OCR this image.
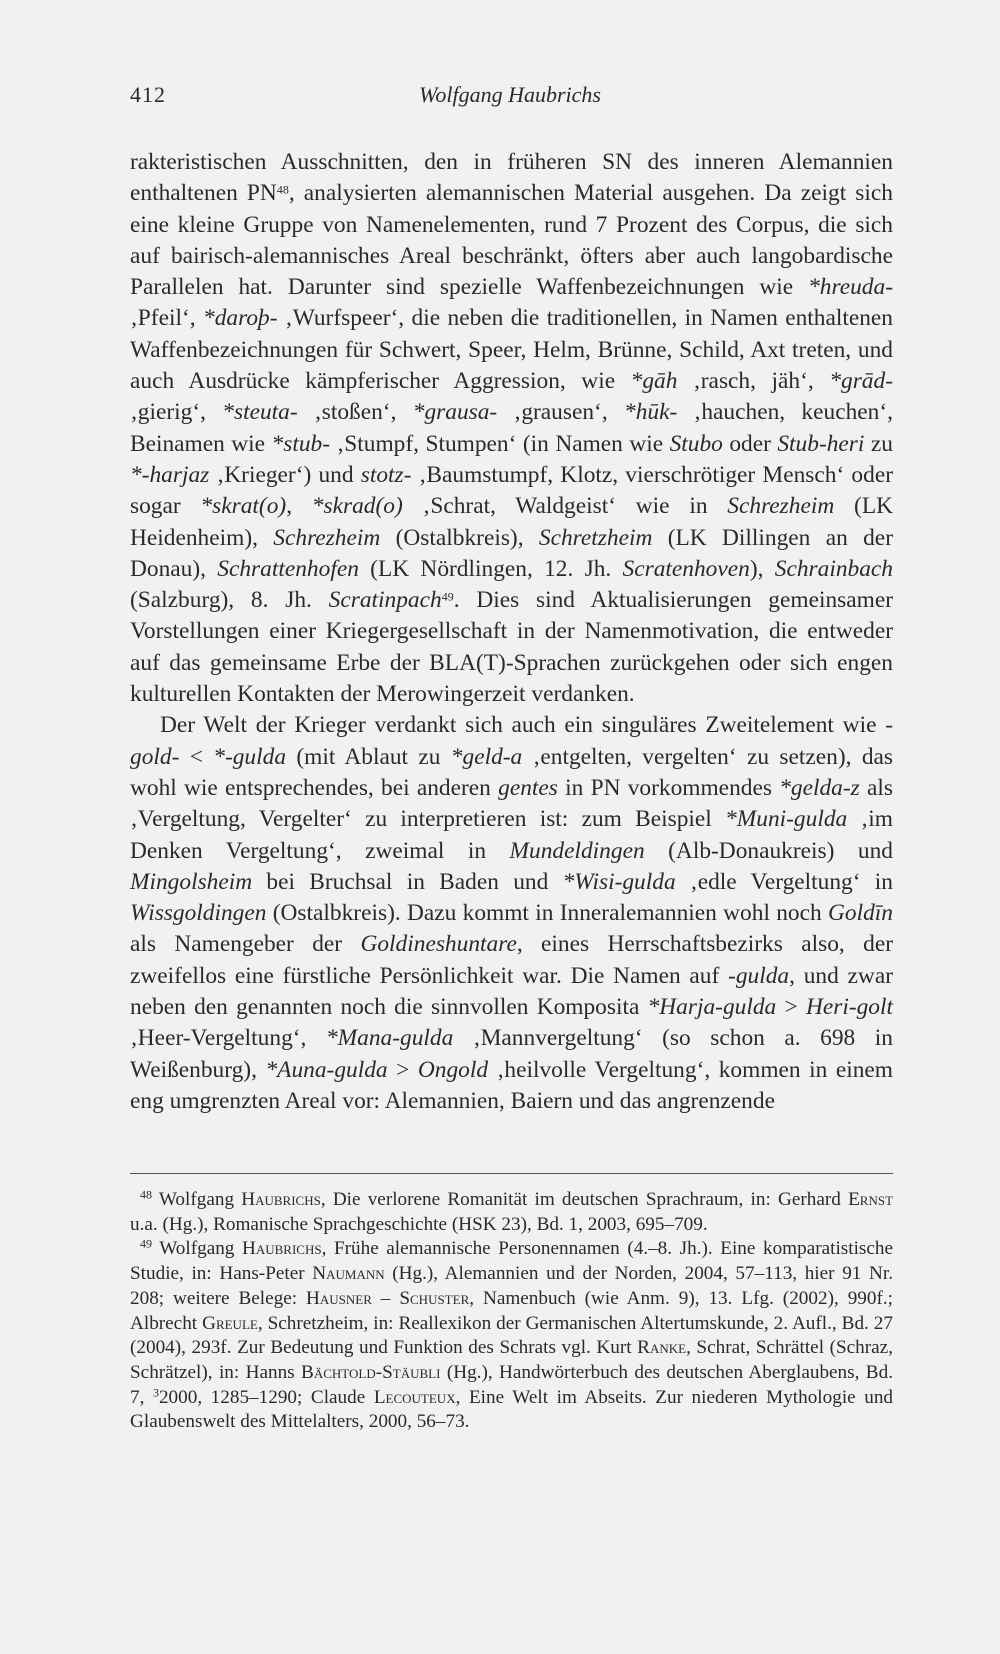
412	Wolfgang Haubrichs

rakteristischen Ausschnitten, den in früheren SN des inneren Alemannien enthaltenen PN$^{48}$, analysierten alemannischen Material ausgehen. Da zeigt sich eine kleine Gruppe von Namenelementen, rund 7 Prozent des Corpus, die sich auf bairisch-alemannisches Areal beschränkt, öfters aber auch langobardische Parallelen hat. Darunter sind spezielle Waffenbezeichnungen wie *hreuda- ‚Pfeil‘, *daroþ- ‚Wurfspeer‘, die neben die traditionellen, in Namen enthaltenen Waffenbezeichnungen für Schwert, Speer, Helm, Brünne, Schild, Axt treten, und auch Ausdrücke kämpferischer Aggression, wie *gāh ‚rasch, jäh‘, *grād- ‚gierig‘, *steuta- ‚stoßen‘, *grausa- ‚grausen‘, *hūk- ‚hauchen, keuchen‘, Beinamen wie *stub- ‚Stumpf, Stumpen‘ (in Namen wie Stubo oder Stub-heri zu *-harjaz ‚Krieger‘) und stotz- ‚Baumstumpf, Klotz, vierschrötiger Mensch‘ oder sogar *skrat(o), *skrad(o) ‚Schrat, Waldgeist‘ wie in Schrezheim (LK Heidenheim), Schrezheim (Ostalbkreis), Schretzheim (LK Dillingen an der Donau), Schrattenhofen (LK Nördlingen, 12. Jh. Scratenhoven), Schrainbach (Salzburg), 8. Jh. Scratinpach$^{49}$. Dies sind Aktualisierungen gemeinsamer Vorstellungen einer Kriegergesellschaft in der Namenmotivation, die entweder auf das gemeinsame Erbe der BLA(T)-Sprachen zurückgehen oder sich engen kulturellen Kontakten der Merowingerzeit verdanken.

Der Welt der Krieger verdankt sich auch ein singuläres Zweitelement wie -gold- < *-gulda (mit Ablaut zu *geld-a ‚entgelten, vergelten‘ zu setzen), das wohl wie entsprechendes, bei anderen gentes in PN vorkommendes *gelda-z als ‚Vergeltung, Vergelter‘ zu interpretieren ist: zum Beispiel *Muni-gulda ‚im Denken Vergeltung‘, zweimal in Mundeldingen (Alb-Donaukreis) und Mingolsheim bei Bruchsal in Baden und *Wisi-gulda ‚edle Vergeltung‘ in Wissgoldingen (Ostalbkreis). Dazu kommt in Inneralemannien wohl noch Goldīn als Namengeber der Goldineshuntare, eines Herrschaftsbezirks also, der zweifellos eine fürstliche Persönlichkeit war. Die Namen auf -gulda, und zwar neben den genannten noch die sinnvollen Komposita *Harja-gulda > Heri-golt ‚Heer-Vergeltung‘, *Mana-gulda ‚Mannvergeltung‘ (so schon a. 698 in Weißenburg), *Auna-gulda > Ongold ‚heilvolle Vergeltung‘, kommen in einem eng umgrenzten Areal vor: Alemannien, Baiern und das angrenzende

$^{48}$ Wolfgang Haubrichs, Die verlorene Romanität im deutschen Sprachraum, in: Gerhard Ernst u.a. (Hg.), Romanische Sprachgeschichte (HSK 23), Bd. 1, 2003, 695–709.

$^{49}$ Wolfgang Haubrichs, Frühe alemannische Personennamen (4.–8. Jh.). Eine komparatistische Studie, in: Hans-Peter Naumann (Hg.), Alemannien und der Norden, 2004, 57–113, hier 91 Nr. 208; weitere Belege: Hausner – Schuster, Namenbuch (wie Anm. 9), 13. Lfg. (2002), 990f.; Albrecht Greule, Schretzheim, in: Reallexikon der Germanischen Altertumskunde, 2. Aufl., Bd. 27 (2004), 293f. Zur Bedeutung und Funktion des Schrats vgl. Kurt Ranke, Schrat, Schrättel (Schraz, Schrätzel), in: Hanns Bächtold-Stäubli (Hg.), Handwörterbuch des deutschen Aberglaubens, Bd. 7, $^3$2000, 1285–1290; Claude Lecouteux, Eine Welt im Abseits. Zur niederen Mythologie und Glaubenswelt des Mittelalters, 2000, 56–73.
